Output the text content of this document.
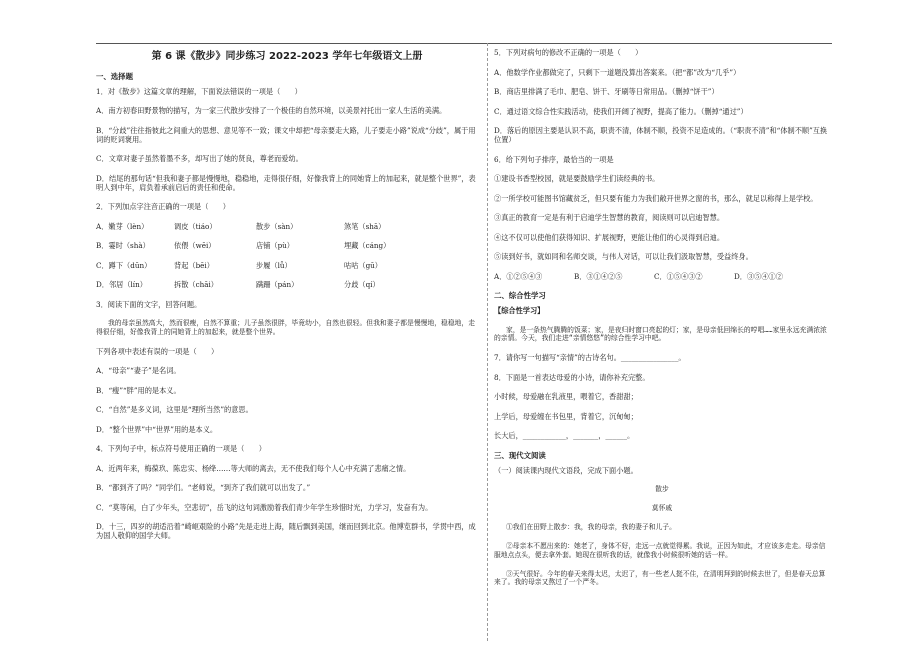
第 6 课《散步》同步练习 2022-2023 学年七年级语文上册
一、选择题

1．对《散步》这篇文章的理解，下面说法错误的一项是（　　）

A．南方初春田野景物的描写，为一家三代散步安排了一个极佳的自然环境，以美景衬托出一家人生活的美满。

B．“分歧”往往指彼此之间重大的思想、意见等不一致；课文中却把“母亲要走大路，儿子要走小路”说成“分歧”，属于用词的贬词褒用。

C．文章对妻子虽然着墨不多，却写出了她的贤良，尊老而爱幼。

D．结尾的那句话“但我和妻子都是慢慢地，稳稳地，走得很仔细，好像我背上的同她背上的加起来，就是整个世界”，表明人到中年，肩负着承前启后的责任和使命。

2．下列加点字注音正确的一项是（　　）

A．嫩芽（lèn）	调皮（tiáo）	散步（sàn）	煞笔（shā）
B．霎时（shà）	依偎（wēi）	店铺（pù）	埋藏（cáng）
C．蹲下（dūn）	背起（bēi）	步履（lǚ）	咕咕（gū）
D．邻居（lín）	拆散（chāi）	蹒跚（pán）	分歧（qí）

3．阅读下面的文字，回答问题。

我的母亲虽然高大，然而很瘦，自然不算重；儿子虽然很胖，毕竟幼小，自然也很轻。但我和妻子都是慢慢地，稳稳地，走得很仔细，好像我背上的同她背上的加起来，就是整个世界。

下列各项中表述有误的一项是（　　）

A．“母亲”“妻子”是名词。

B．“瘦”“胖”用的是本义。

C．“自然”是多义词，这里是“理所当然”的意思。

D．“整个世界”中“世界”用的是本义。

4．下列句子中，标点符号使用正确的一项是（　　）

A．近两年来，梅葆玖、陈忠实、杨绛……等大师的离去，无不使我们每个人心中充满了悲痛之情。

B．“都到齐了吗？”同学们。“老师说，“到齐了我们就可以出发了。”

C．“莫等闲，白了少年头，空悲切”，岳飞的这句词激励着我们青少年学生珍惜时光，力学习，发奋有为。

D．十三，四岁的胡适沿着“崎岖艰险的小路”先是走进上海，随后飘到美国，继而回到北京。他博览群书，学贯中西，成为国人敬仰的国学大师。

5．下列对病句的修改不正确的一项是（　　）

A．他数学作业都做完了，只剩下一道题没算出答案来。（把“都”改为“几乎”）

B．商店里排满了毛巾、肥皂、饼干、牙刷等日常用品。（删掉“饼干”）

C．通过语文综合性实践活动，使我们开阔了视野，提高了能力。（删掉“通过”）

D．落后的原因主要是认识不高，职责不清，体制不顺，投资不足造成的。（“职责不清”和“体制不顺”互换位置）

6．给下列句子排序，最恰当的一项是

①建设书香型校园，就是要鼓励学生们读经典的书。

②一所学校可能图书馆藏贫乏，但只要有能力为我们敞开世界之窗的书，那么，就足以称得上是学校。

③真正的教育一定是有利于启迪学生智慧的教育，阅读则可以启迪智慧。

④这不仅可以使他们获得知识、扩展视野，更能让他们的心灵得到启迪。

⑤读到好书，就如同和名师交谈，与伟人对话，可以让我们汲取智慧，受益终身。

A．①②⑤④③	B．③①④②⑤	C．①⑤④③②	D．③⑤④①②
二、综合性学习

【综合性学习】

家，是一条热气腾腾的饭菜；家，是夜归时窗口亮起的灯；家，是母亲低回绵长的哼唱……家里永远充满浓浓的亲情。今天，我们走进“亲情悠悠”的综合性学习中吧。

7．请你写一句描写“亲情”的古诗名句。________________。

8．下面是一首表达母爱的小诗，请你补充完整。

小时候，母爱融在乳液里，喂着它，香甜甜；

上学后，母爱缠在书包里，背着它，沉甸甸；

长大后，____________，_______，______。

三、现代文阅读

（一）阅读课内现代文语段，完成下面小题。

散步

莫怀戚

①我们在田野上散步：我，我的母亲，我的妻子和儿子。

②母亲本不愿出来的：她老了，身体不好，走远一点就觉得累。我说，正因为如此，才应该多走走。母亲信服地点点头，便去拿外套。她现在很听我的话，就像我小时候很听她的话一样。

③天气很好。今年的春天来得太迟，太迟了，有一些老人挺不住，在清明拜到的时候去世了，但是春天总算来了。我的母亲又熬过了一个严冬。
